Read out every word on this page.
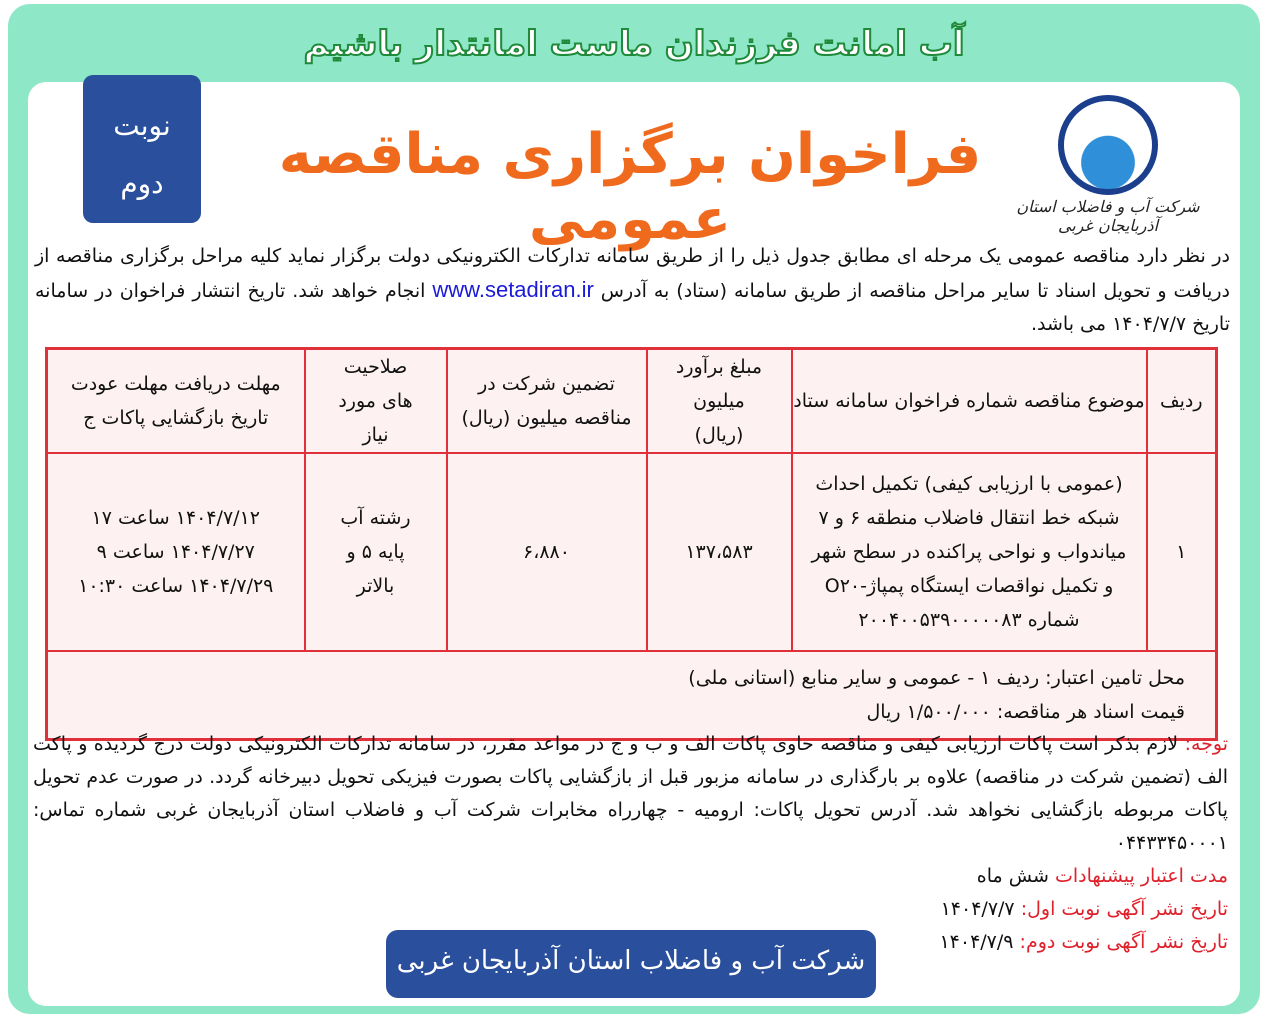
آب امانت فرزندان ماست امانتدار باشیم
نوبت
دوم	فراخوان برگزاری مناقصه عمومی	شرکت آب و فاضلاب استان آذربایجان غربی
در نظر دارد مناقصه عمومی یک مرحله ای مطابق جدول ذیل را از طریق سامانه تدارکات الکترونیکی دولت برگزار نماید کلیه مراحل برگزاری مناقصه از دریافت و تحویل اسناد تا سایر مراحل مناقصه از طریق سامانه (ستاد) به آدرس www.setadiran.ir انجام خواهد شد. تاریخ انتشار فراخوان در سامانه تاریخ ۱۴۰۴/۷/۷ می باشد.
ردیف	موضوع مناقصه شماره فراخوان سامانه ستاد	مبلغ برآورد میلیون (ریال)	تضمین شرکت در مناقصه میلیون (ریال)	صلاحیت های مورد نیاز	مهلت دریافت مهلت عودت تاریخ بازگشایی پاکات ج
۱	(عمومی با ارزیابی کیفی) تکمیل احداث شبکه خط انتقال فاضلاب منطقه ۶ و ۷ میاندواب و نواحی پراکنده در سطح شهر و تکمیل نواقصات ایستگاه پمپاژ-O۲۰ شماره ۲۰۰۴۰۰۵۳۹۰۰۰۰۰۸۳	۱۳۷،۵۸۳	۶،۸۸۰	رشته آب پایه ۵ و بالاتر	۱۴۰۴/۷/۱۲ ساعت ۱۷ ۱۴۰۴/۷/۲۷ ساعت ۹ ۱۴۰۴/۷/۲۹ ساعت ۱۰:۳۰

محل تامین اعتبار: ردیف ۱ - عمومی و سایر منابع (استانی ملی)
قیمت اسناد هر مناقصه: ۱/۵۰۰/۰۰۰ ریال					
توجه: لازم بذکر است پاکات ارزیابی کیفی و مناقصه حاوی پاکات الف و ب و ج در مواعد مقرر، در سامانه تدارکات الکترونیکی دولت درج گردیده و پاکت الف (تضمین شرکت در مناقصه) علاوه بر بارگذاری در سامانه مزبور قبل از بازگشایی پاکات بصورت فیزیکی تحویل دبیرخانه گردد. در صورت عدم تحویل پاکات مربوطه بازگشایی نخواهد شد. آدرس تحویل پاکات: ارومیه - چهارراه مخابرات شرکت آب و فاضلاب استان آذربایجان غربی شماره تماس: ۰۴۴۳۳۴۵۰۰۰۱
مدت اعتبار پیشنهادات شش ماه
تاریخ نشر آگهی نوبت اول: ۱۴۰۴/۷/۷
تاریخ نشر آگهی نوبت دوم: ۱۴۰۴/۷/۹
شرکت آب و فاضلاب استان آذربایجان غربی
